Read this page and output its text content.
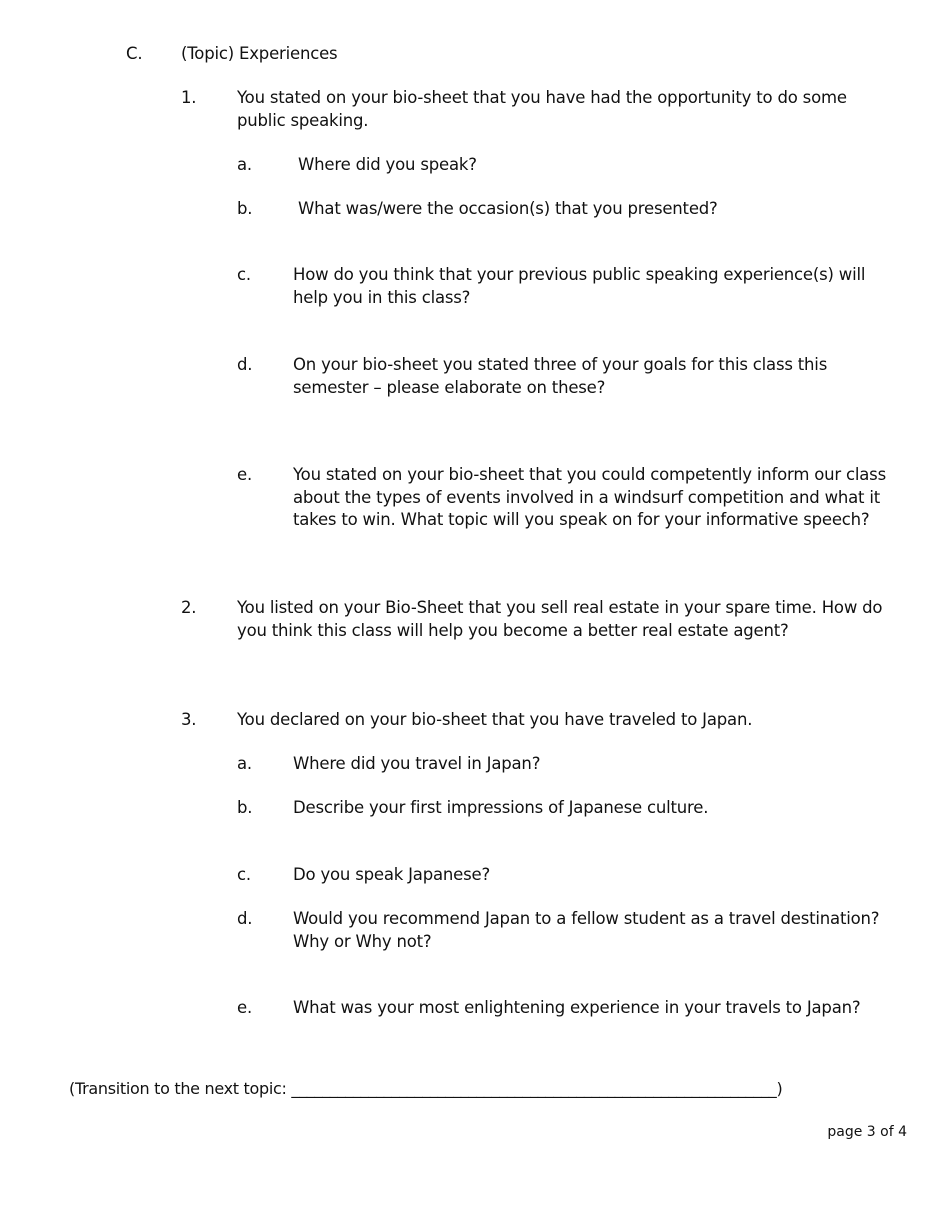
C. (Topic) Experiences
1. You stated on your bio-sheet that you have had the opportunity to do some public speaking.
a. Where did you speak?
b. What was/were the occasion(s) that you presented?
c.	How do you think that your previous public speaking experience(s) will help you in this class?
d. On your bio-sheet you stated three of your goals for this class this semester – please elaborate on these?
e. You stated on your bio-sheet that you could competently inform our class about the types of events involved in a windsurf competition and what it takes to win. What topic will you speak on for your informative speech?
2. You listed on your Bio-Sheet that you sell real estate in your spare time. How do you think this class will help you become a better real estate agent?
3. You declared on your bio-sheet that you have traveled to Japan.
a. Where did you travel in Japan?
b. Describe your first impressions of Japanese culture.
c.	Do you speak Japanese?
d. Would you recommend Japan to a fellow student as a travel destination? Why or Why not?
e. What was your most enlightening experience in your travels to Japan?
(Transition to the next topic: _______________________________________________________________)
page 3 of 4
